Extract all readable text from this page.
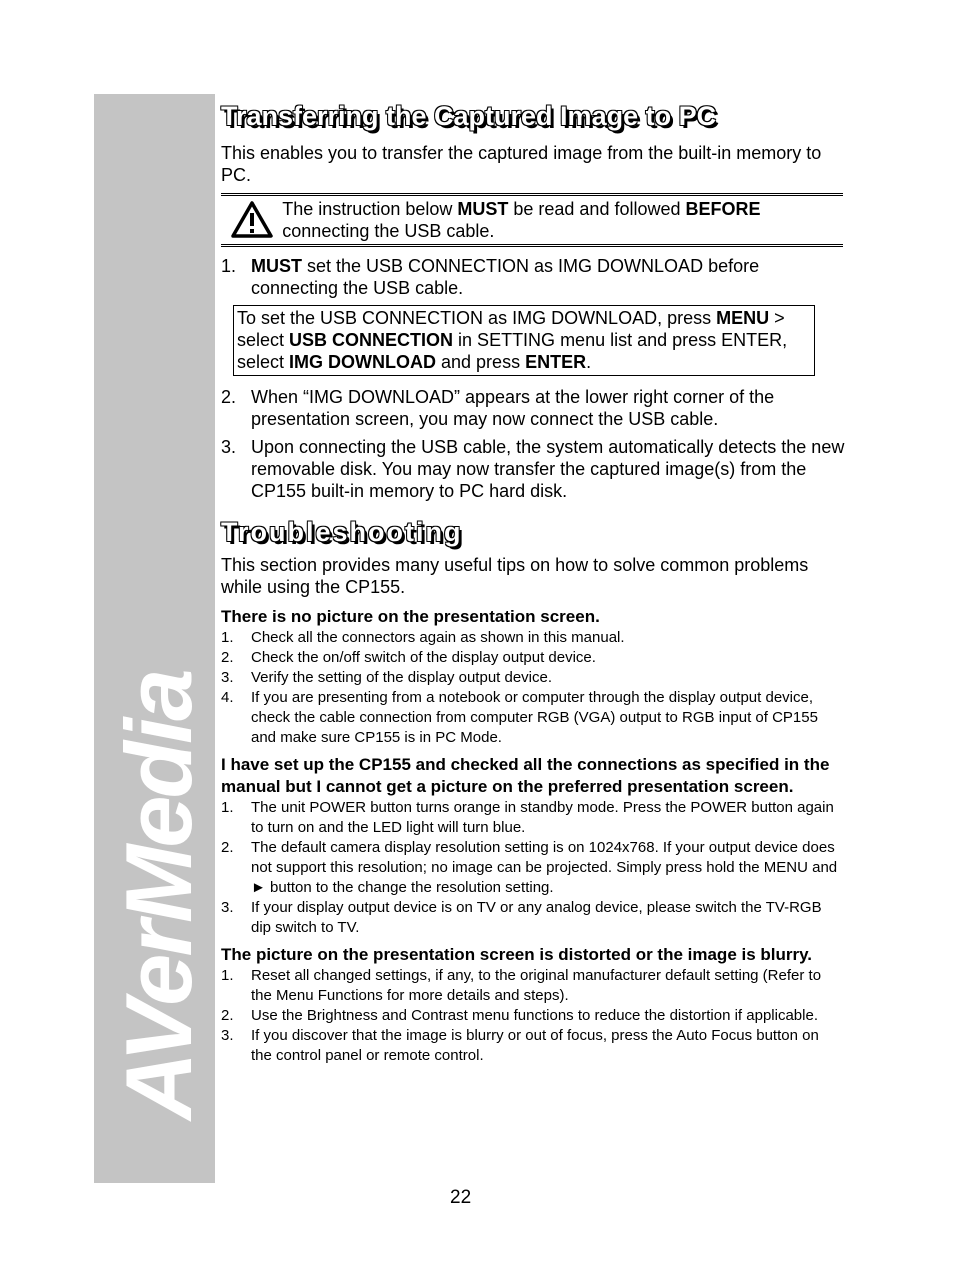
AVerMedia
Transferring the Captured Image to PC

This enables you to transfer the captured image from the built-in memory to PC.

The instruction below MUST be read and followed BEFORE connecting the USB cable.
1. MUST set the USB CONNECTION as IMG DOWNLOAD before connecting the USB cable.
To set the USB CONNECTION as IMG DOWNLOAD, press MENU > select USB CONNECTION in SETTING menu list and press ENTER, select IMG DOWNLOAD and press ENTER.
2. When “IMG DOWNLOAD” appears at the lower right corner of the presentation screen, you may now connect the USB cable.
3. Upon connecting the USB cable, the system automatically detects the new removable disk. You may now transfer the captured image(s) from the CP155 built-in memory to PC hard disk.
Troubleshooting

This section provides many useful tips on how to solve common problems while using the CP155.

There is no picture on the presentation screen.
1.	Check all the connectors again as shown in this manual.
2.	Check the on/off switch of the display output device.
3.	Verify the setting of the display output device.
4.	If you are presenting from a notebook or computer through the display output device, check the cable connection from computer RGB (VGA) output to RGB input of CP155 and make sure CP155 is in PC Mode.
I have set up the CP155 and checked all the connections as specified in the manual but I cannot get a picture on the preferred presentation screen.
1.	The unit POWER button turns orange in standby mode. Press the POWER button again to turn on and the LED light will turn blue.
2.	The default camera display resolution setting is on 1024x768. If your output device does not support this resolution; no image can be projected. Simply press hold the MENU and ► button to the change the resolution setting.
3.	If your display output device is on TV or any analog device, please switch the TV-RGB dip switch to TV.
The picture on the presentation screen is distorted or the image is blurry.
1.	Reset all changed settings, if any, to the original manufacturer default setting (Refer to the Menu Functions for more details and steps).
2.	Use the Brightness and Contrast menu functions to reduce the distortion if applicable.
3.	If you discover that the image is blurry or out of focus, press the Auto Focus button on the control panel or remote control.
22
